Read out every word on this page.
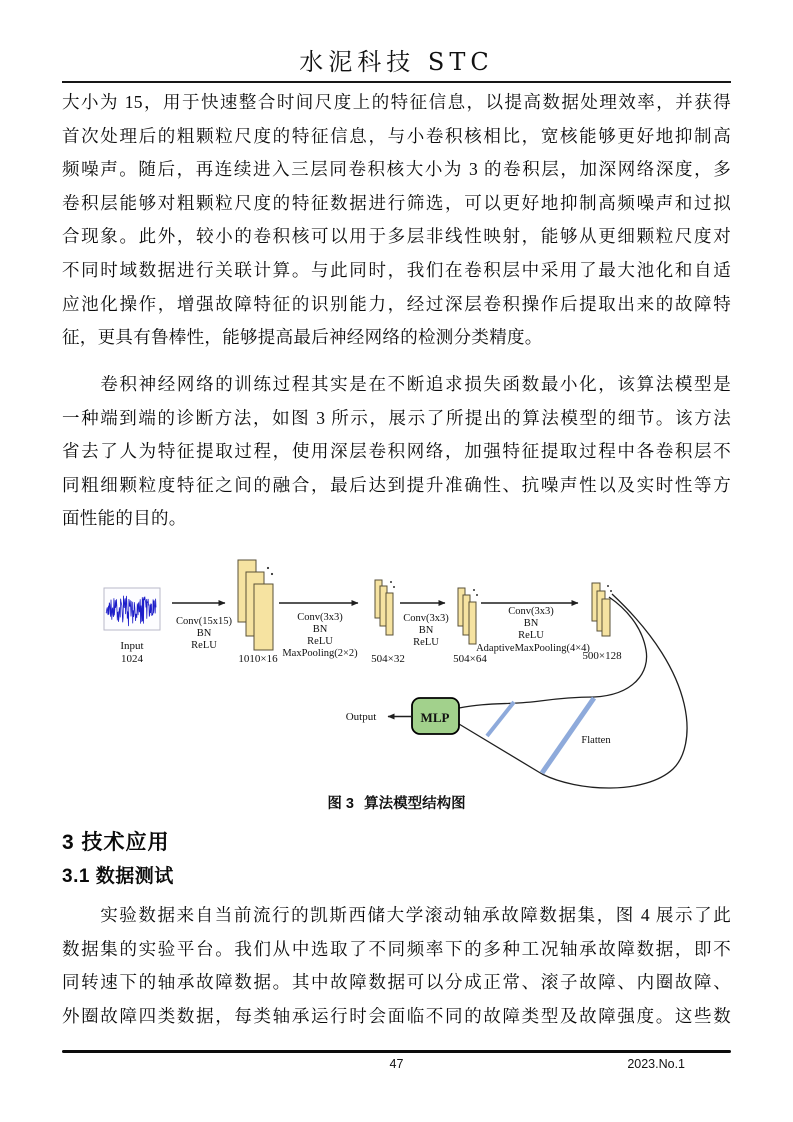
水泥科技 STC
大小为 15，用于快速整合时间尺度上的特征信息，以提高数据处理效率，并获得
首次处理后的粗颗粒尺度的特征信息，与小卷积核相比，宽核能够更好地抑制高
频噪声。随后，再连续进入三层同卷积核大小为 3 的卷积层，加深网络深度，多
卷积层能够对粗颗粒尺度的特征数据进行筛选，可以更好地抑制高频噪声和过拟
合现象。此外，较小的卷积核可以用于多层非线性映射，能够从更细颗粒尺度对
不同时域数据进行关联计算。与此同时，我们在卷积层中采用了最大池化和自适
应池化操作，增强故障特征的识别能力，经过深层卷积操作后提取出来的故障特
征，更具有鲁棒性，能够提高最后神经网络的检测分类精度。
　　卷积神经网络的训练过程其实是在不断追求损失函数最小化，该算法模型是
一种端到端的诊断方法，如图 3 所示，展示了所提出的算法模型的细节。该方法
省去了人为特征提取过程，使用深层卷积网络，加强特征提取过程中各卷积层不
同粗细颗粒度特征之间的融合，最后达到提升准确性、抗噪声性以及实时性等方
面性能的目的。
Input
1024
Conv(15x15)
BN
ReLU
1010×16
Conv(3x3)
BN
ReLU
MaxPooling(2×2) 504×32
Conv(3x3)
BN
ReLU
504×64
Conv(3x3)
BN
ReLU
AdaptiveMaxPooling(4×4)
500×128
Flatten
MLP
Output
图 3 算法模型结构图
3 技术应用
3.1 数据测试
　　实验数据来自当前流行的凯斯西储大学滚动轴承故障数据集，图 4 展示了此
数据集的实验平台。我们从中选取了不同频率下的多种工况轴承故障数据，即不
同转速下的轴承故障数据。其中故障数据可以分成正常、滚子故障、内圈故障、
外圈故障四类数据，每类轴承运行时会面临不同的故障类型及故障强度。这些数
47	2023.No.1
